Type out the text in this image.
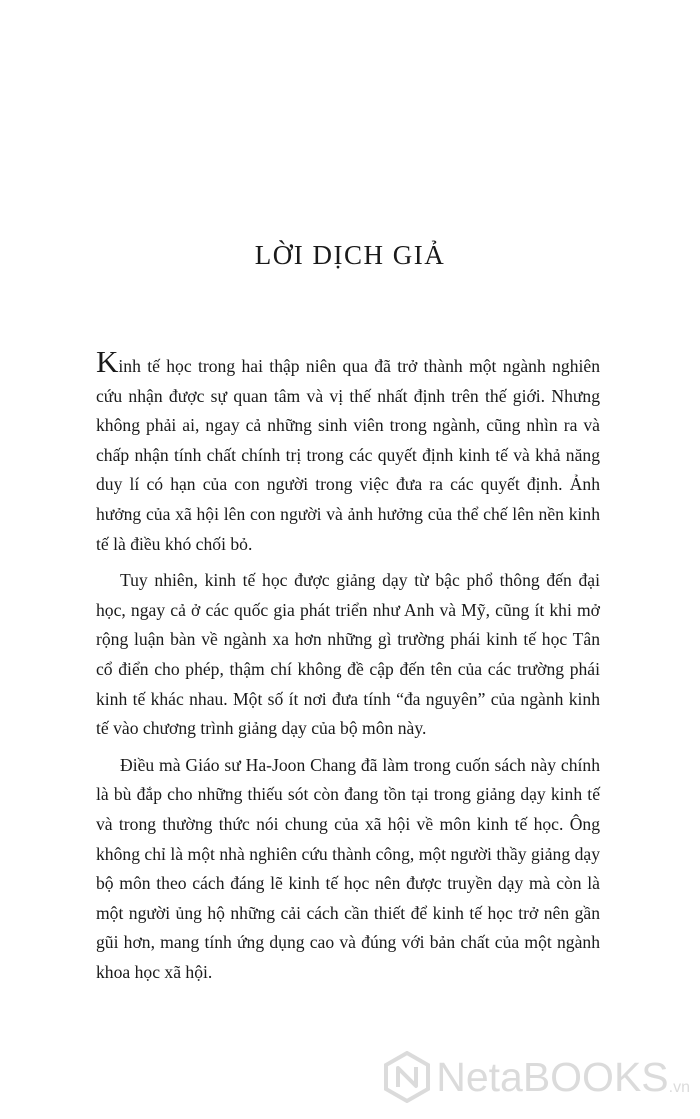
LỜI DỊCH GIẢ

Kinh tế học trong hai thập niên qua đã trở thành một ngành nghiên cứu nhận được sự quan tâm và vị thế nhất định trên thế giới. Nhưng không phải ai, ngay cả những sinh viên trong ngành, cũng nhìn ra và chấp nhận tính chất chính trị trong các quyết định kinh tế và khả năng duy lí có hạn của con người trong việc đưa ra các quyết định. Ảnh hưởng của xã hội lên con người và ảnh hưởng của thể chế lên nền kinh tế là điều khó chối bỏ.

Tuy nhiên, kinh tế học được giảng dạy từ bậc phổ thông đến đại học, ngay cả ở các quốc gia phát triển như Anh và Mỹ, cũng ít khi mở rộng luận bàn về ngành xa hơn những gì trường phái kinh tế học Tân cổ điển cho phép, thậm chí không đề cập đến tên của các trường phái kinh tế khác nhau. Một số ít nơi đưa tính “đa nguyên” của ngành kinh tế vào chương trình giảng dạy của bộ môn này.

Điều mà Giáo sư Ha-Joon Chang đã làm trong cuốn sách này chính là bù đắp cho những thiếu sót còn đang tồn tại trong giảng dạy kinh tế và trong thường thức nói chung của xã hội về môn kinh tế học. Ông không chỉ là một nhà nghiên cứu thành công, một người thầy giảng dạy bộ môn theo cách đáng lẽ kinh tế học nên được truyền dạy mà còn là một người ủng hộ những cải cách cần thiết để kinh tế học trở nên gần gũi hơn, mang tính ứng dụng cao và đúng với bản chất của một ngành khoa học xã hội.

NetaBOOKS .vn
